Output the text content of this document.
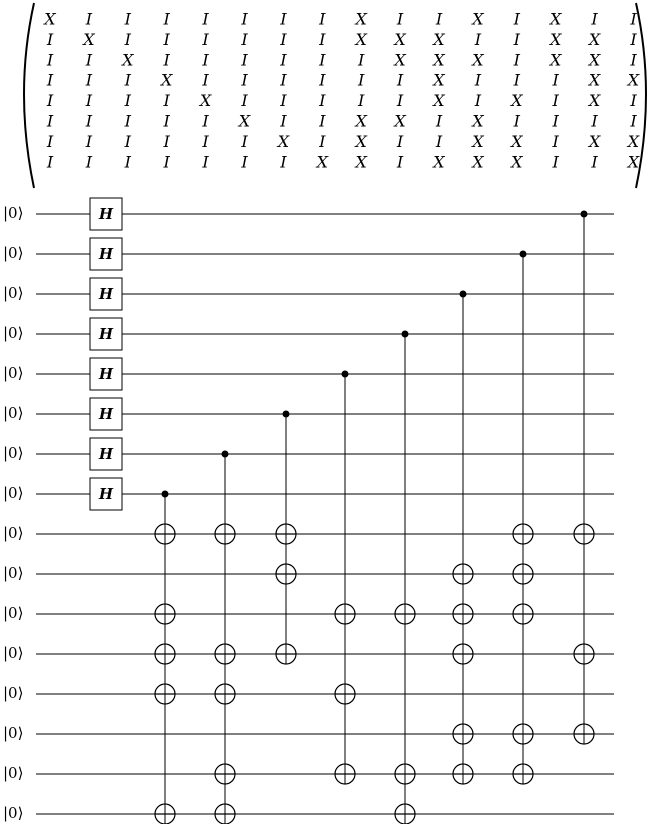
X I I I I I I I X I I X I X I I
I X I I I I I I X X X I I X X I
I I X I I I I I I X X X I X X I
I I I X I I I I I I X I I I X X
I I I I X I I I I I X I X I X I
I I I I I X I I X X I X I I I I
I I I I I I X I X I I X X I X X
I I I I I I I X X I X X X I I X
H
H
H
H
H
H
H
H
|0⟩
|0⟩
|0⟩
|0⟩
|0⟩
|0⟩
|0⟩
|0⟩
|0⟩
|0⟩
|0⟩
|0⟩
|0⟩
|0⟩
|0⟩
|0⟩
